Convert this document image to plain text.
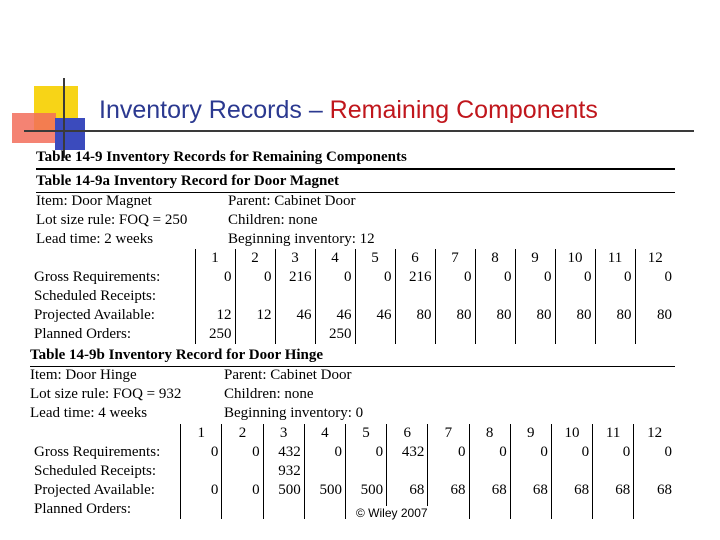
Inventory Records – Remaining Components
Table 14-9 Inventory Records for Remaining Components
Table 14-9a Inventory Record for Door Magnet
Item: Door Magnet	Parent: Cabinet Door
Lot size rule: FOQ = 250	Children: none
Lead time: 2 weeks	Beginning inventory: 12
	1	2	3	4	5	6	7	8	9	10	11	12
Gross Requirements:	0	0	216	0	0	216	0	0	0	0	0	0
Scheduled Receipts:												
Projected Available:	12	12	46	46	46	80	80	80	80	80	80	80
Planned Orders:	250			250								
Table 14-9b Inventory Record for Door Hinge
Item: Door Hinge	Parent: Cabinet Door
Lot size rule: FOQ = 932	Children: none
Lead time: 4 weeks	Beginning inventory: 0
	1	2	3	4	5	6	7	8	9	10	11	12
Gross Requirements:	0	0	432	0	0	432	0	0	0	0	0	0
Scheduled Receipts:			932									
Projected Available:	0	0	500	500	500	68	68	68	68	68	68	68
Planned Orders:													© Wiley 2007
